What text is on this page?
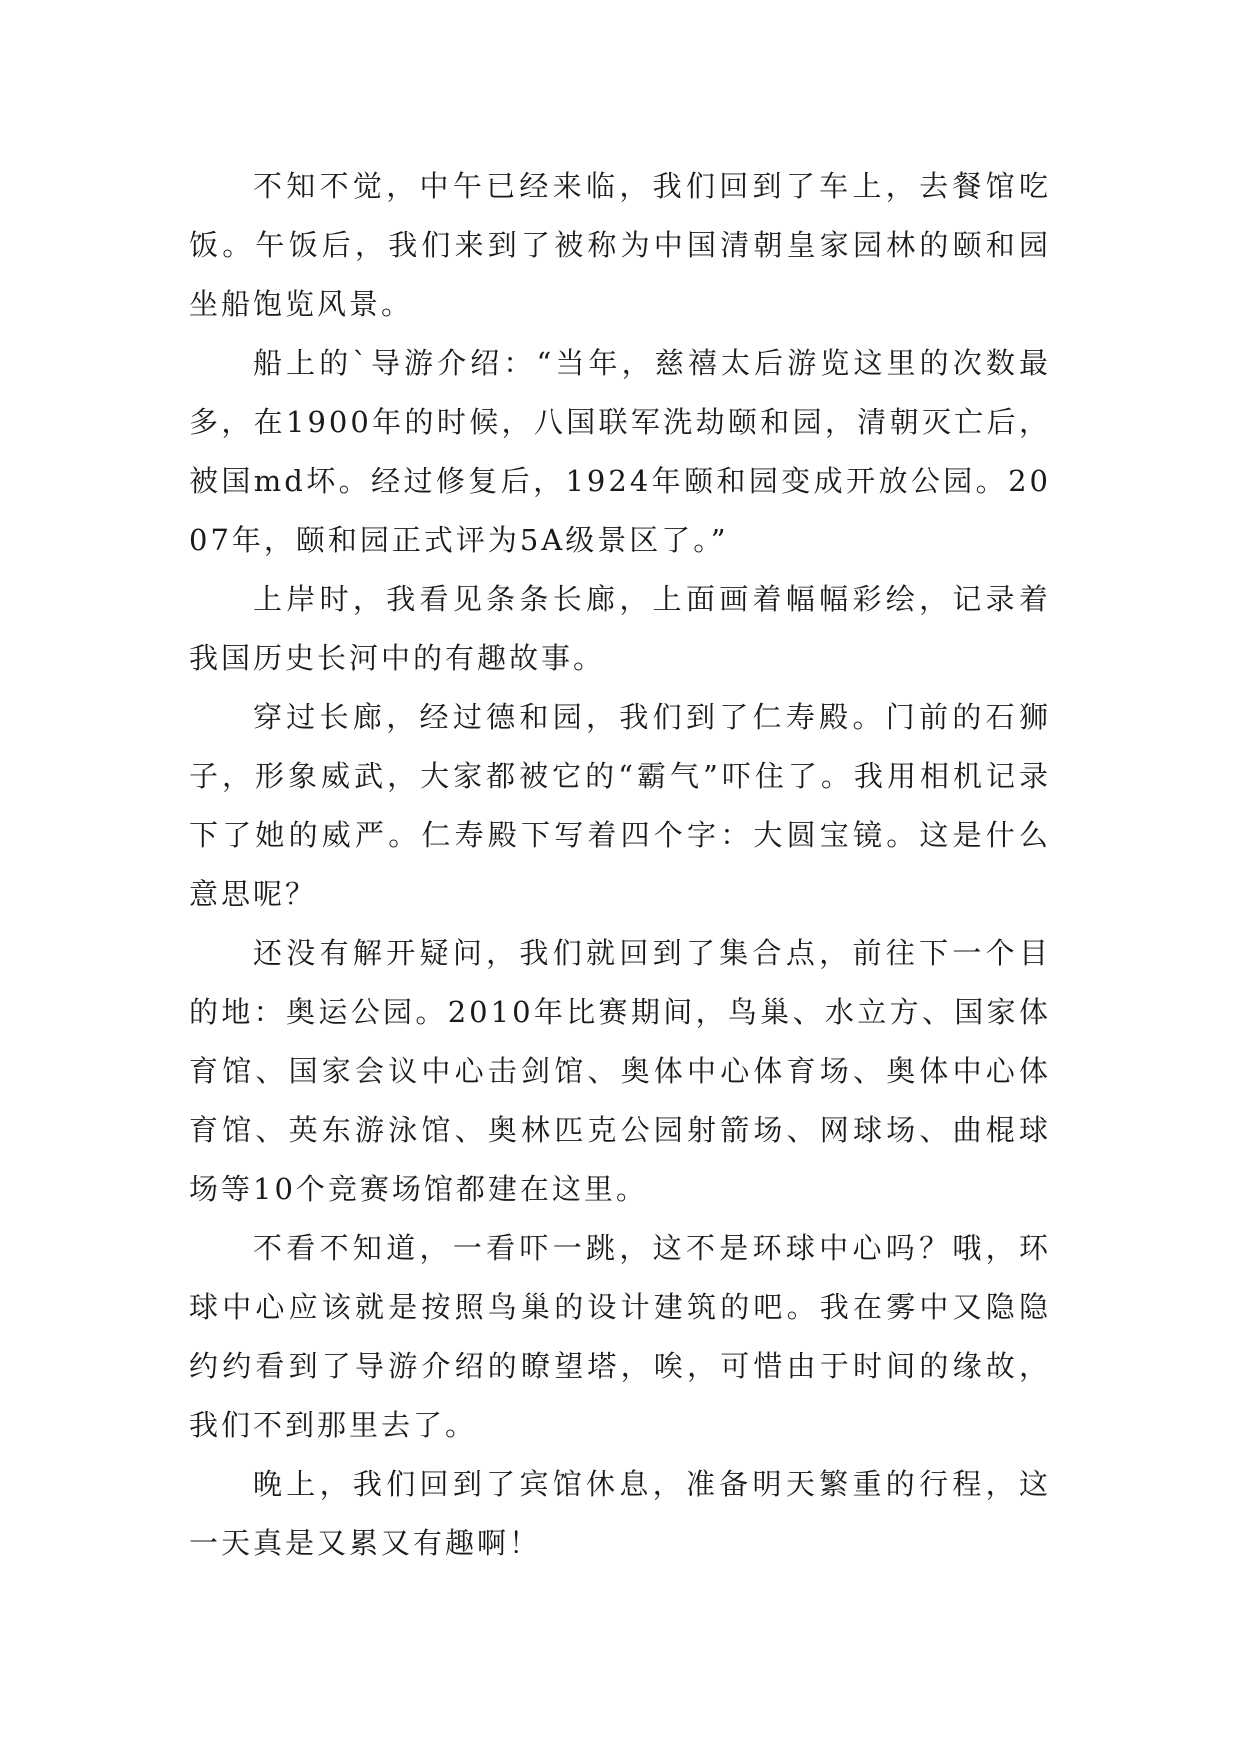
不知不觉，中午已经来临，我们回到了车上，去餐馆吃饭。午饭后，我们来到了被称为中国清朝皇家园林的颐和园坐船饱览风景。

船上的`导游介绍：“当年，慈禧太后游览这里的次数最多，在1900年的时候，八国联军洗劫颐和园，清朝灭亡后，被国md坏。经过修复后，1924年颐和园变成开放公园。2007年，颐和园正式评为5A级景区了。”

上岸时，我看见条条长廊，上面画着幅幅彩绘，记录着我国历史长河中的有趣故事。

穿过长廊，经过德和园，我们到了仁寿殿。门前的石狮子，形象威武，大家都被它的“霸气”吓住了。我用相机记录下了她的威严。仁寿殿下写着四个字：大圆宝镜。这是什么意思呢？

还没有解开疑问，我们就回到了集合点，前往下一个目的地：奥运公园。2010年比赛期间，鸟巢、水立方、国家体育馆、国家会议中心击剑馆、奥体中心体育场、奥体中心体育馆、英东游泳馆、奥林匹克公园射箭场、网球场、曲棍球场等10个竞赛场馆都建在这里。

不看不知道，一看吓一跳，这不是环球中心吗？哦，环球中心应该就是按照鸟巢的设计建筑的吧。我在雾中又隐隐约约看到了导游介绍的瞭望塔，唉，可惜由于时间的缘故，我们不到那里去了。

晚上，我们回到了宾馆休息，准备明天繁重的行程，这一天真是又累又有趣啊！
